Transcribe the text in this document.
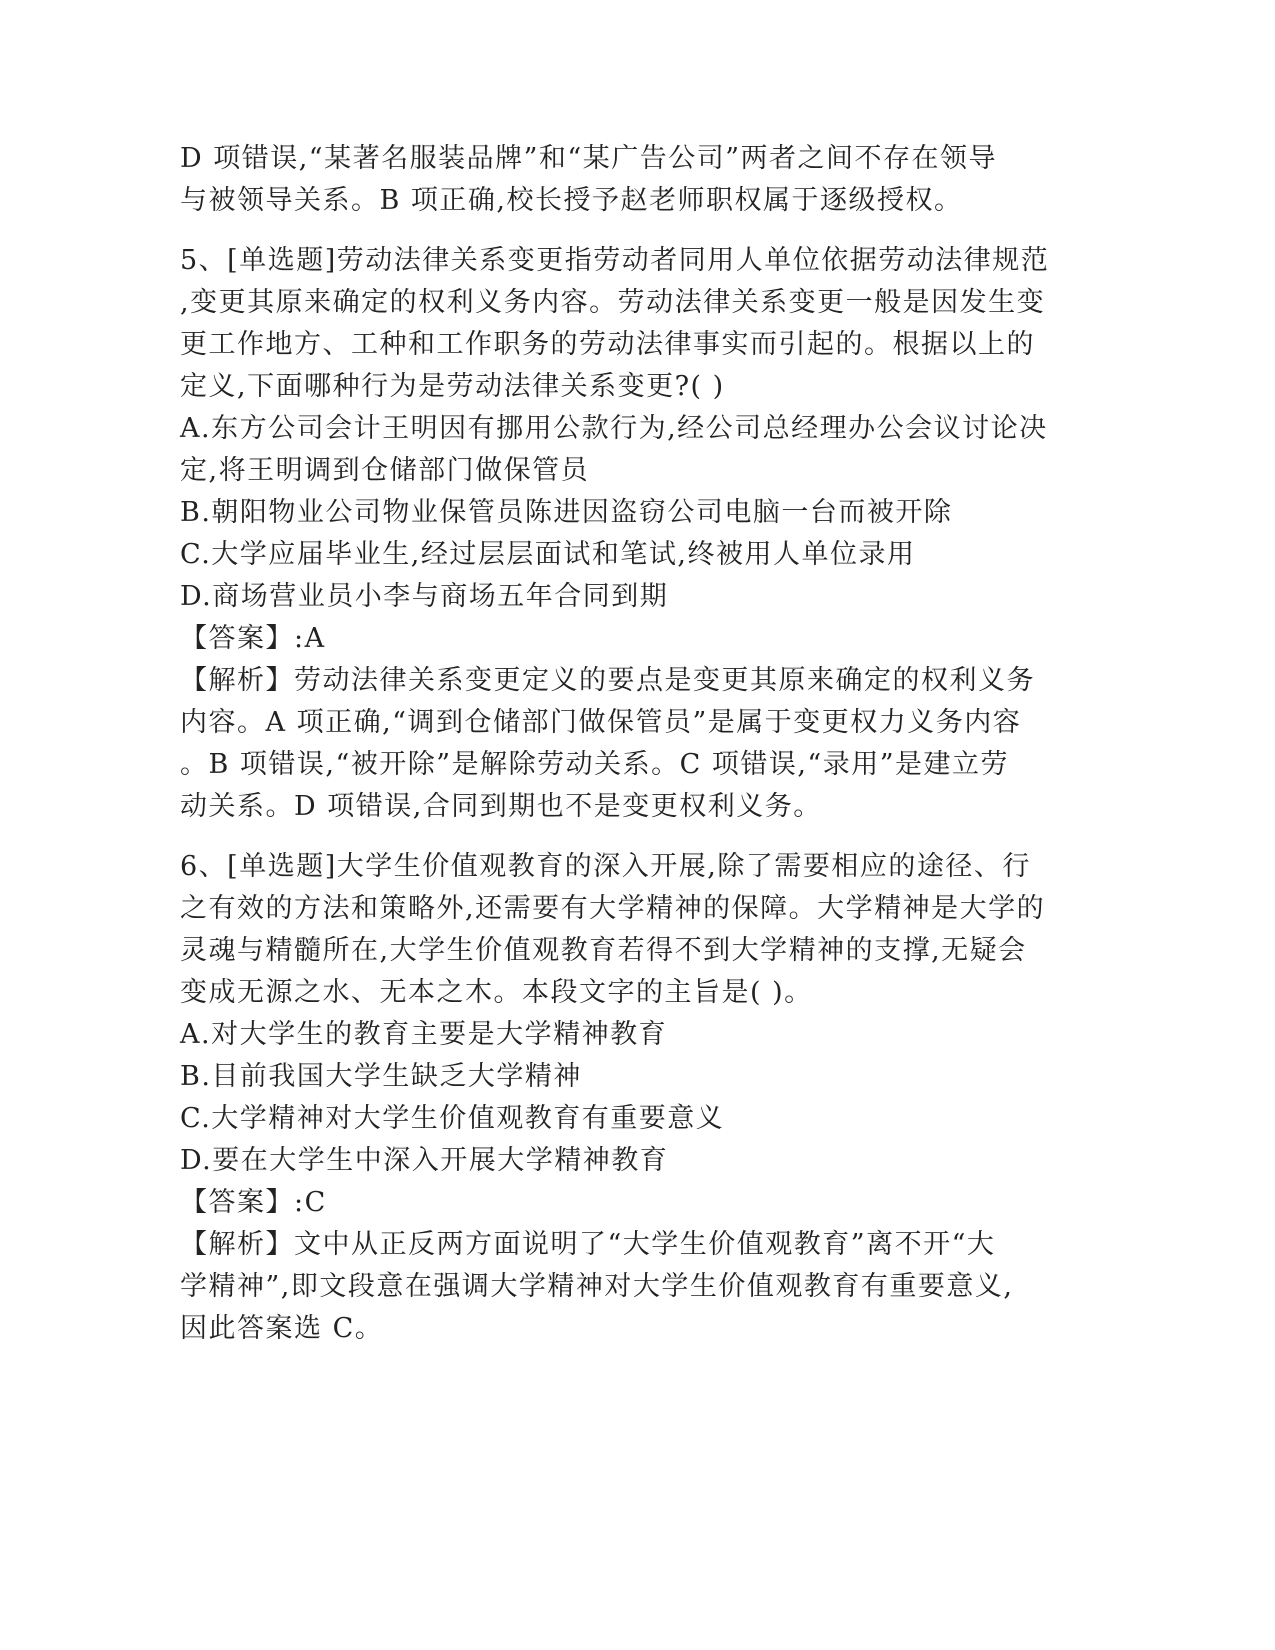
D 项错误,“某著名服装品牌”和“某广告公司”两者之间不存在领导
与被领导关系。B 项正确,校长授予赵老师职权属于逐级授权。
5、[单选题]劳动法律关系变更指劳动者同用人单位依据劳动法律规范
,变更其原来确定的权利义务内容。劳动法律关系变更一般是因发生变
更工作地方、工种和工作职务的劳动法律事实而引起的。根据以上的
定义,下面哪种行为是劳动法律关系变更?( )
A.东方公司会计王明因有挪用公款行为,经公司总经理办公会议讨论决
定,将王明调到仓储部门做保管员
B.朝阳物业公司物业保管员陈进因盗窃公司电脑一台而被开除
C.大学应届毕业生,经过层层面试和笔试,终被用人单位录用
D.商场营业员小李与商场五年合同到期
【答案】:A
【解析】劳动法律关系变更定义的要点是变更其原来确定的权利义务
内容。A 项正确,“调到仓储部门做保管员”是属于变更权力义务内容
。B 项错误,“被开除”是解除劳动关系。C 项错误,“录用”是建立劳
动关系。D 项错误,合同到期也不是变更权利义务。
6、[单选题]大学生价值观教育的深入开展,除了需要相应的途径、行
之有效的方法和策略外,还需要有大学精神的保障。大学精神是大学的
灵魂与精髓所在,大学生价值观教育若得不到大学精神的支撑,无疑会
变成无源之水、无本之木。本段文字的主旨是( )。
A.对大学生的教育主要是大学精神教育
B.目前我国大学生缺乏大学精神
C.大学精神对大学生价值观教育有重要意义
D.要在大学生中深入开展大学精神教育
【答案】:C
【解析】文中从正反两方面说明了“大学生价值观教育”离不开“大
学精神”,即文段意在强调大学精神对大学生价值观教育有重要意义,
因此答案选 C。
